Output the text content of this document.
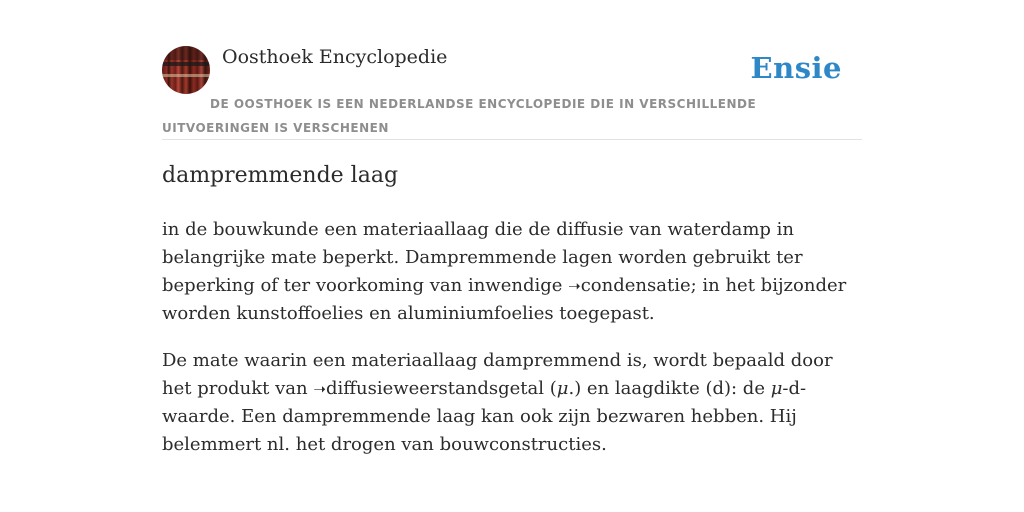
Oosthoek Encyclopedie	Ensie
DE OOSTHOEK IS EEN NEDERLANDSE ENCYCLOPEDIE DIE IN VERSCHILLENDE UITVOERINGEN IS VERSCHENEN
dampremmende laag

in de bouwkunde een materiaallaag die de diffusie van waterdamp in belangrijke mate beperkt. Dampremmende lagen worden gebruikt ter beperking of ter voorkoming van inwendige ➝condensatie; in het bijzonder worden kunstoffoelies en aluminiumfoelies toegepast.

De mate waarin een materiaallaag dampremmend is, wordt bepaald door het produkt van ➝diffusieweerstandsgetal (μ.) en laagdikte (d): de μ-d-waarde. Een dampremmende laag kan ook zijn bezwaren hebben. Hij belemmert nl. het drogen van bouwconstructies.
